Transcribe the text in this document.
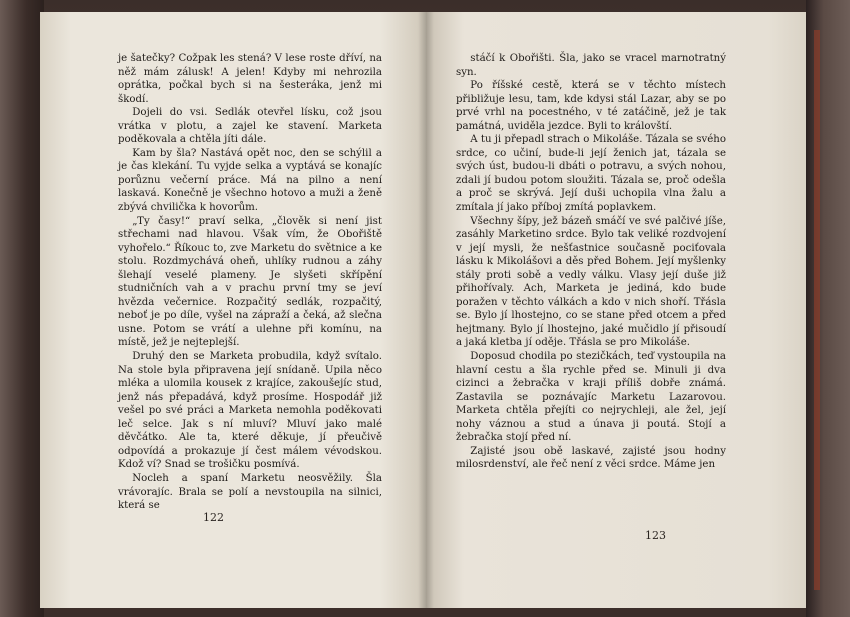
je šatečky? Cožpak les stená? V lese roste dříví, na něž mám zálusk! A jelen! Kdyby mi nehrozila oprátka, počkal bych si na šesteráka, jenž mi škodí.

Dojeli do vsi. Sedlák otevřel lísku, což jsou vrátka v plotu, a zajel ke stavení. Marketa poděkovala a chtěla jíti dále.

Kam by šla? Nastává opět noc, den se schýlil a je čas klekání. Tu vyjde selka a vyptává se konajíc porůznu večerní práce. Má na pilno a není laskavá. Konečně je všechno hotovo a muži a ženě zbývá chvilička k hovorům.

„Ty časy!“ praví selka, „člověk si není jist střechami nad hlavou. Však vím, že Obořiště vyhořelo.“ Říkouc to, zve Marketu do světnice a ke stolu. Rozdmychává oheň, uhlíky rudnou a záhy šlehají veselé plameny. Je slyšeti skřípění studničních vah a v prachu první tmy se jeví hvězda večernice. Rozpačitý sedlák, rozpačitý, neboť je po díle, vyšel na zápraží a čeká, až slečna usne. Potom se vrátí a ulehne při komínu, na místě, jež je nejteplejší.

Druhý den se Marketa probudila, když svítalo. Na stole byla připravena její snídaně. Upila něco mléka a ulomila kousek z krajíce, zakoušejíc stud, jenž nás přepadává, když prosíme. Hospodář již vešel po své práci a Marketa nemohla poděkovati leč selce. Jak s ní mluví? Mluví jako malé děvčátko. Ale ta, které děkuje, jí přeučivě odpovídá a prokazuje jí čest málem vévodskou. Kdož ví? Snad se trošičku posmívá.

Nocleh a spaní Marketu neosvěžily. Šla vrávorajíc. Brala se polí a nevstoupila na silnici, která se

122

stáčí k Obořišti. Šla, jako se vracel marnotratný syn.

Po říšské cestě, která se v těchto místech přibližuje lesu, tam, kde kdysi stál Lazar, aby se po prvé vrhl na pocestného, v té zatáčině, jež je tak památná, uviděla jezdce. Byli to královští.

A tu ji přepadl strach o Mikoláše. Tázala se svého srdce, co učiní, bude-li její ženich jat, tázala se svých úst, budou-li dbáti o potravu, a svých nohou, zdali jí budou potom sloužiti. Tázala se, proč odešla a proč se skrývá. Její duši uchopila vlna žalu a zmítala jí jako příboj zmítá poplavkem.

Všechny šípy, jež bázeň smáčí ve své palčivé jíše, zasáhly Marketino srdce. Bylo tak veliké rozdvojení v její mysli, že nešťastnice současně pociťovala lásku k Mikolášovi a děs před Bohem. Její myšlenky stály proti sobě a vedly válku. Vlasy její duše již přihořívaly. Ach, Marketa je jediná, kdo bude poražen v těchto válkách a kdo v nich shoří. Třásla se. Bylo jí lhostejno, co se stane před otcem a před hejtmany. Bylo jí lhostejno, jaké mučidlo jí přisoudí a jaká kletba jí oděje. Třásla se pro Mikoláše.

Doposud chodila po stezičkách, teď vystoupila na hlavní cestu a šla rychle před se. Minuli ji dva cizinci a žebračka v kraji příliš dobře známá. Zastavila se poznávajíc Marketu Lazarovou. Marketa chtěla přejíti co nejrychleji, ale žel, její nohy váznou a stud a únava ji poutá. Stojí a žebračka stojí před ní.

Zajisté jsou obě laskavé, zajisté jsou hodny milosrdenství, ale řeč není z věci srdce. Máme jen

123
